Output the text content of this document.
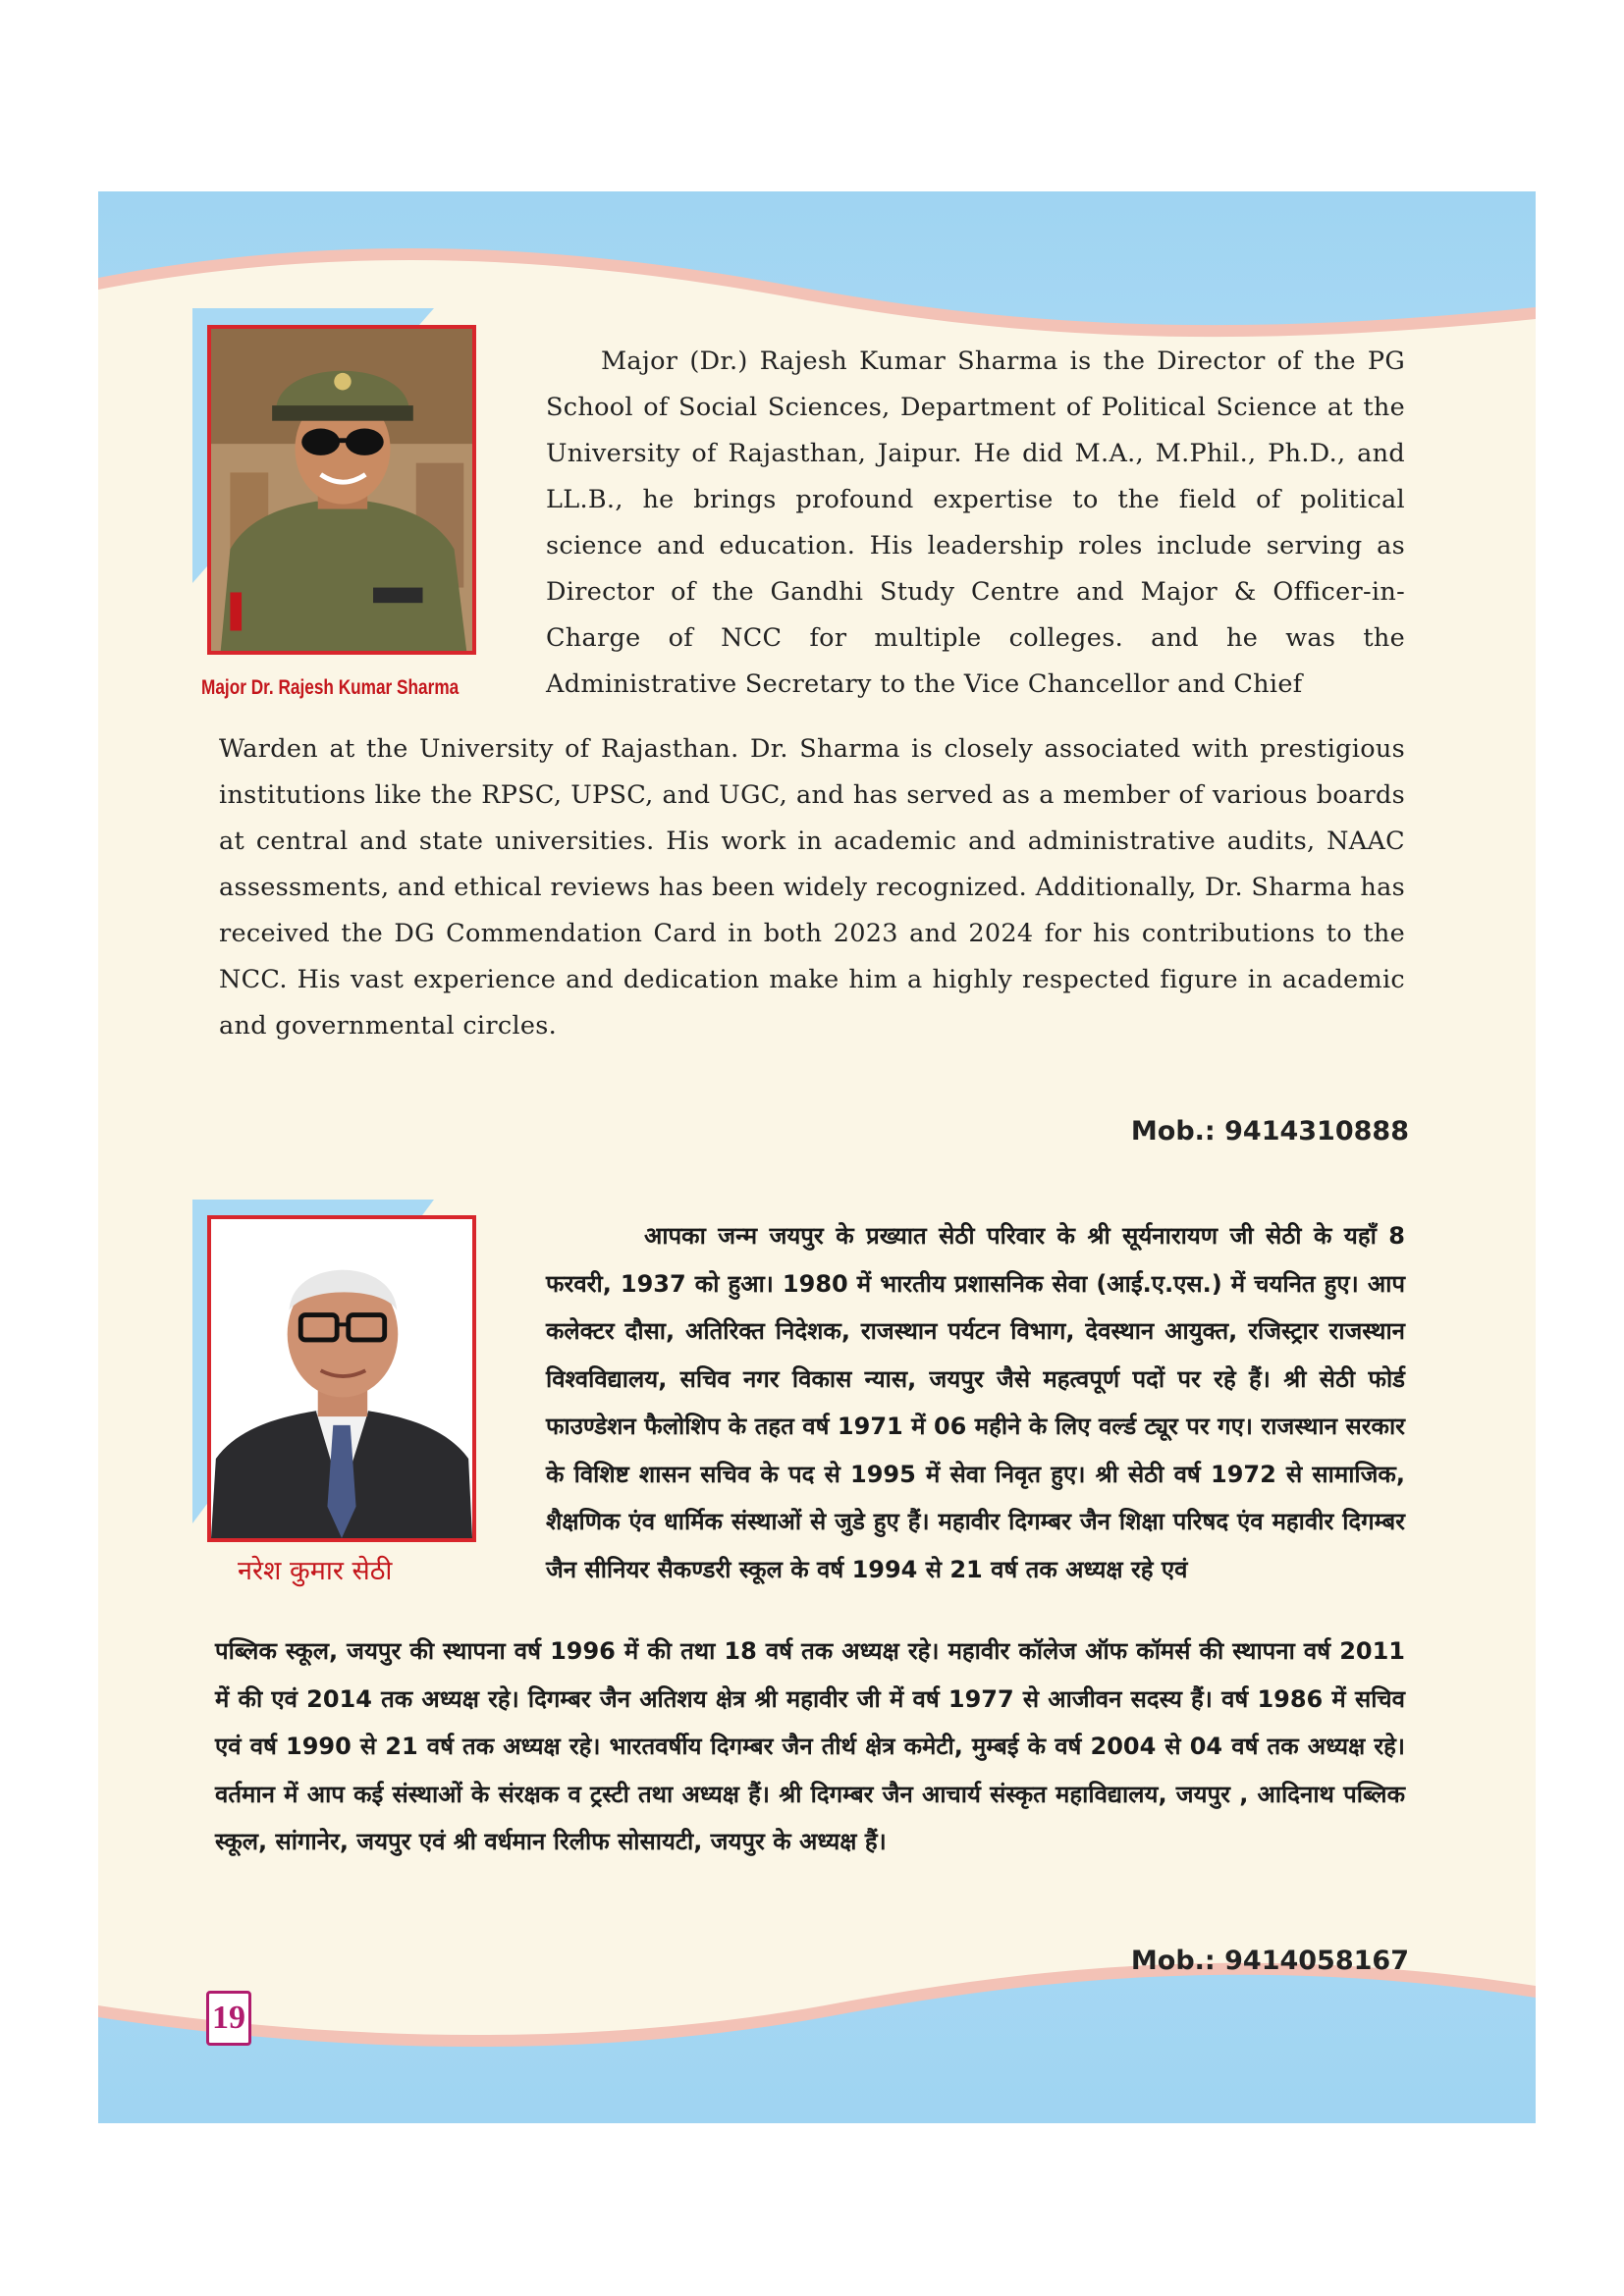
Major Dr. Rajesh Kumar Sharma

Major (Dr.) Rajesh Kumar Sharma is the Director of the PG School of Social Sciences, Department of Political Science at the University of Rajasthan, Jaipur. He did M.A., M.Phil., Ph.D., and LL.B., he brings profound expertise to the field of political science and education. His leadership roles include serving as Director of the Gandhi Study Centre and Major & Officer-in-Charge of NCC for multiple colleges. and he was the Administrative Secretary to the Vice Chancellor and Chief

Warden at the University of Rajasthan. Dr. Sharma is closely associated with prestigious institutions like the RPSC, UPSC, and UGC, and has served as a member of various boards at central and state universities. His work in academic and administrative audits, NAAC assessments, and ethical reviews has been widely recognized. Additionally, Dr. Sharma has received the DG Commendation Card in both 2023 and 2024 for his contributions to the NCC. His vast experience and dedication make him a highly respected figure in academic and governmental circles.

Mob.: 9414310888
नरेश कुमार सेठी

आपका जन्म जयपुर के प्रख्यात सेठी परिवार के श्री सूर्यनारायण जी सेठी के यहाँ 8 फरवरी, 1937 को हुआ। 1980 में भारतीय प्रशासनिक सेवा (आई.ए.एस.) में चयनित हुए। आप कलेक्टर दौसा, अतिरिक्त निदेशक, राजस्थान पर्यटन विभाग, देवस्थान आयुक्त, रजिस्ट्रार राजस्थान विश्वविद्यालय, सचिव नगर विकास न्यास, जयपुर जैसे महत्वपूर्ण पदों पर रहे हैं। श्री सेठी फोर्ड फाउण्डेशन फैलोशिप के तहत वर्ष 1971 में 06 महीने के लिए वर्ल्ड ट्यूर पर गए। राजस्थान सरकार के विशिष्ट शासन सचिव के पद से 1995 में सेवा निवृत हुए। श्री सेठी वर्ष 1972 से सामाजिक, शैक्षणिक एंव धार्मिक संस्थाओं से जुडे हुए हैं। महावीर दिगम्बर जैन शिक्षा परिषद एंव महावीर दिगम्बर जैन सीनियर सैकण्डरी स्कूल के वर्ष 1994 से 21 वर्ष तक अध्यक्ष रहे एवं

पब्लिक स्कूल, जयपुर की स्थापना वर्ष 1996 में की तथा 18 वर्ष तक अध्यक्ष रहे। महावीर कॉलेज ऑफ कॉमर्स की स्थापना वर्ष 2011 में की एवं 2014 तक अध्यक्ष रहे। दिगम्बर जैन अतिशय क्षेत्र श्री महावीर जी में वर्ष 1977 से आजीवन सदस्य हैं। वर्ष 1986 में सचिव एवं वर्ष 1990 से 21 वर्ष तक अध्यक्ष रहे। भारतवर्षीय दिगम्बर जैन तीर्थ क्षेत्र कमेटी, मुम्बई के वर्ष 2004 से 04 वर्ष तक अध्यक्ष रहे। वर्तमान में आप कई संस्थाओं के संरक्षक व ट्रस्टी तथा अध्यक्ष हैं। श्री दिगम्बर जैन आचार्य संस्कृत महाविद्यालय, जयपुर , आदिनाथ पब्लिक स्कूल, सांगानेर, जयपुर एवं श्री वर्धमान रिलीफ सोसायटी, जयपुर के अध्यक्ष हैं।

Mob.: 9414058167
19
